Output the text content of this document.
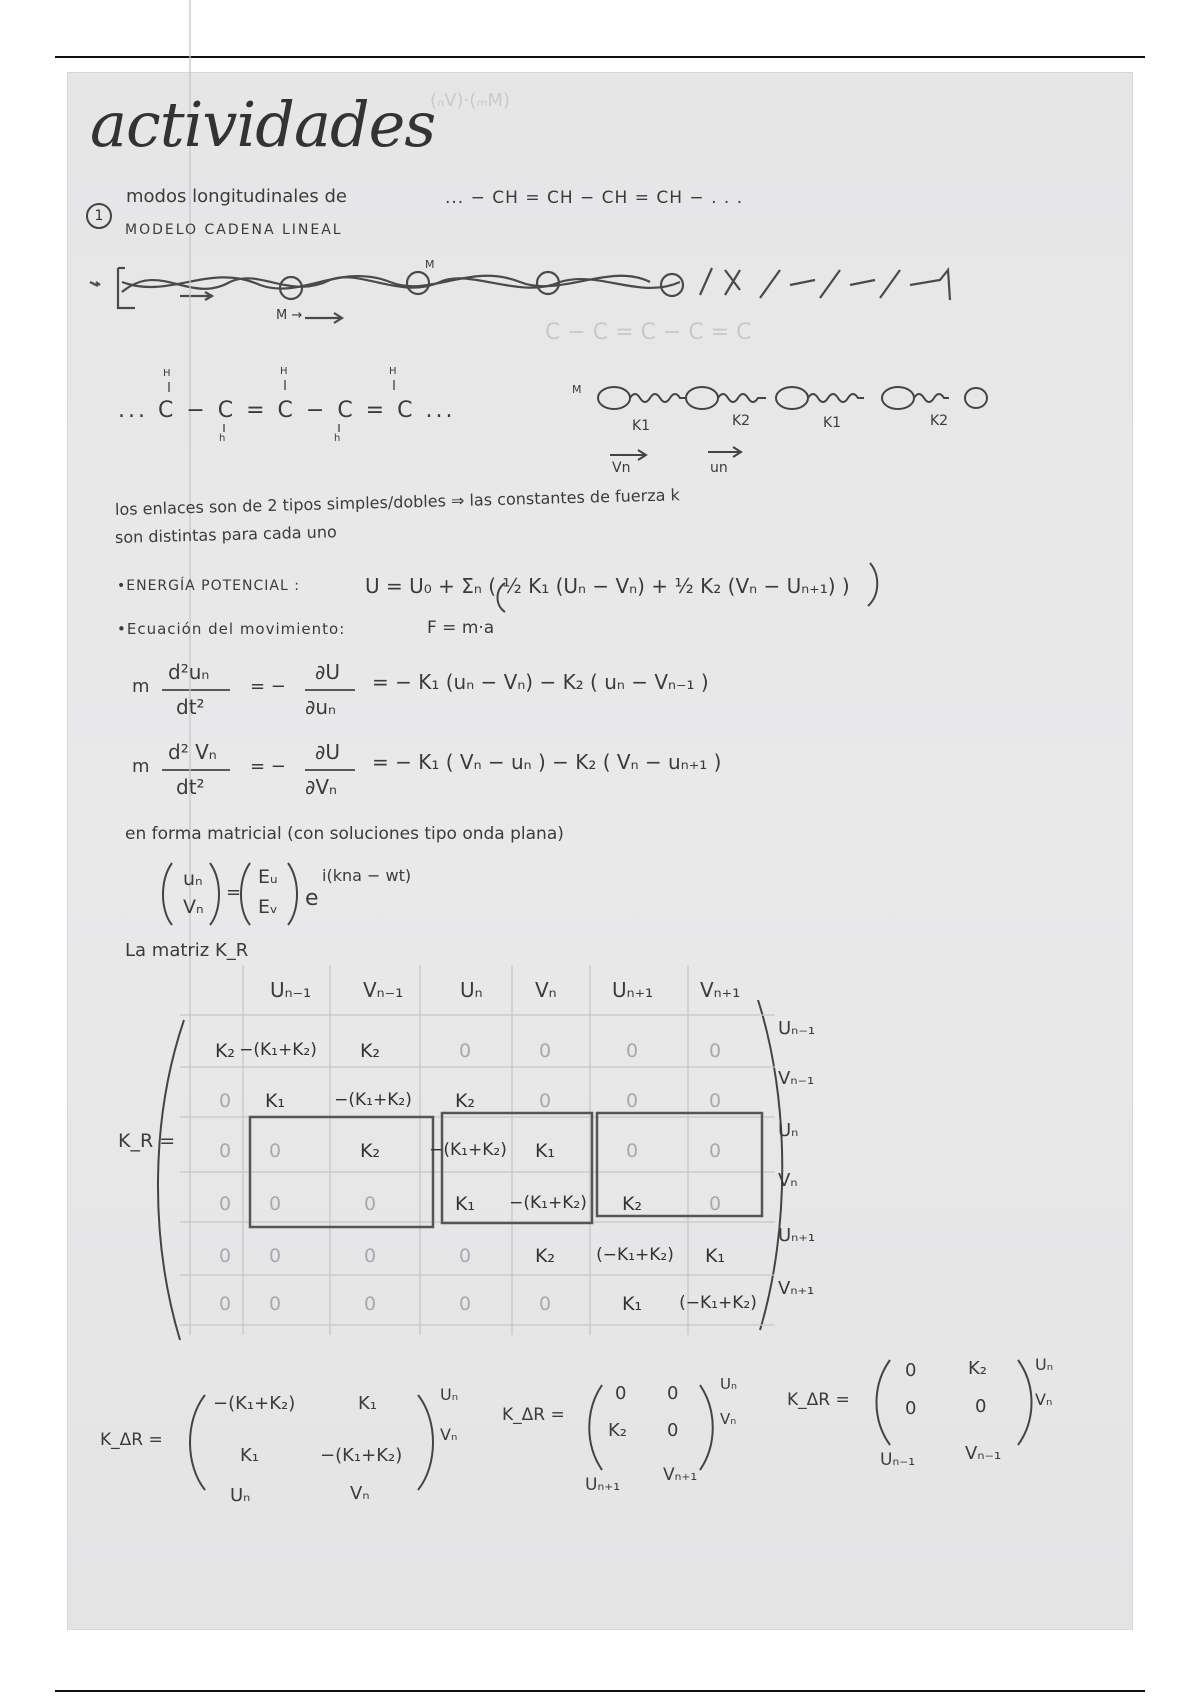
(Mₘ)·(Vₙ)
C − C = C − C = C
actividades
1
modos longitudinales de
MODELO CADENA LINEAL
... − CH = CH − CH = CH − . . .
M
M →
H	H	H
h	h
... C − C = C − C = C ...
M
K1	K2	K1	K2
Vn	un
los enlaces son de 2 tipos simples/dobles ⇒ las constantes de fuerza k
son distintas para cada uno
•ENERGÍA POTENCIAL :	U = U₀ + Σₙ ( ½ K₁ (Uₙ − Vₙ) + ½ K₂ (Vₙ − Uₙ₊₁) )
•Ecuación del movimiento:	F = m·a
m
d²uₙ
dt²
= −
∂U
∂uₙ
= − K₁ (uₙ − Vₙ) − K₂ ( uₙ − Vₙ₋₁ )
m
d² Vₙ
dt²
= −
∂U
∂Vₙ
= − K₁ ( Vₙ − uₙ ) − K₂ ( Vₙ − uₙ₊₁ )
en forma matricial (con soluciones tipo onda plana)
uₙ
Vₙ
=
Eᵤ
Eᵥ e
i(kna − wt)
La matriz K_R
K_R =
Uₙ₋₁	Vₙ₋₁	Uₙ	Vₙ	Uₙ₊₁ Vₙ₊₁
Uₙ₋₁
Vₙ₋₁
Uₙ
Vₙ
Uₙ₊₁
Vₙ₊₁
K₂ −(K₁+K₂)	K₂	0	0	0	0
0	K₁	−(K₁+K₂)	K₂	0	0	0
0	0	K₂	−(K₁+K₂)	K₁	0	0
0	0	0	K₁	−(K₁+K₂)	K₂	0
0	0	0	0	K₂	(−K₁+K₂)	K₁
0	0	0	0	0	K₁	(−K₁+K₂)
K_ΔR =
−(K₁+K₂)	K₁
K₁	−(K₁+K₂)
Uₙ
Vₙ
Uₙ	Vₙ
K_ΔR =
0 0
K₂ 0
Uₙ
Vₙ
Uₙ₊₁	Vₙ₊₁
K_ΔR =
0	K₂
0	0
Uₙ
Vₙ
Uₙ₋₁	Vₙ₋₁
